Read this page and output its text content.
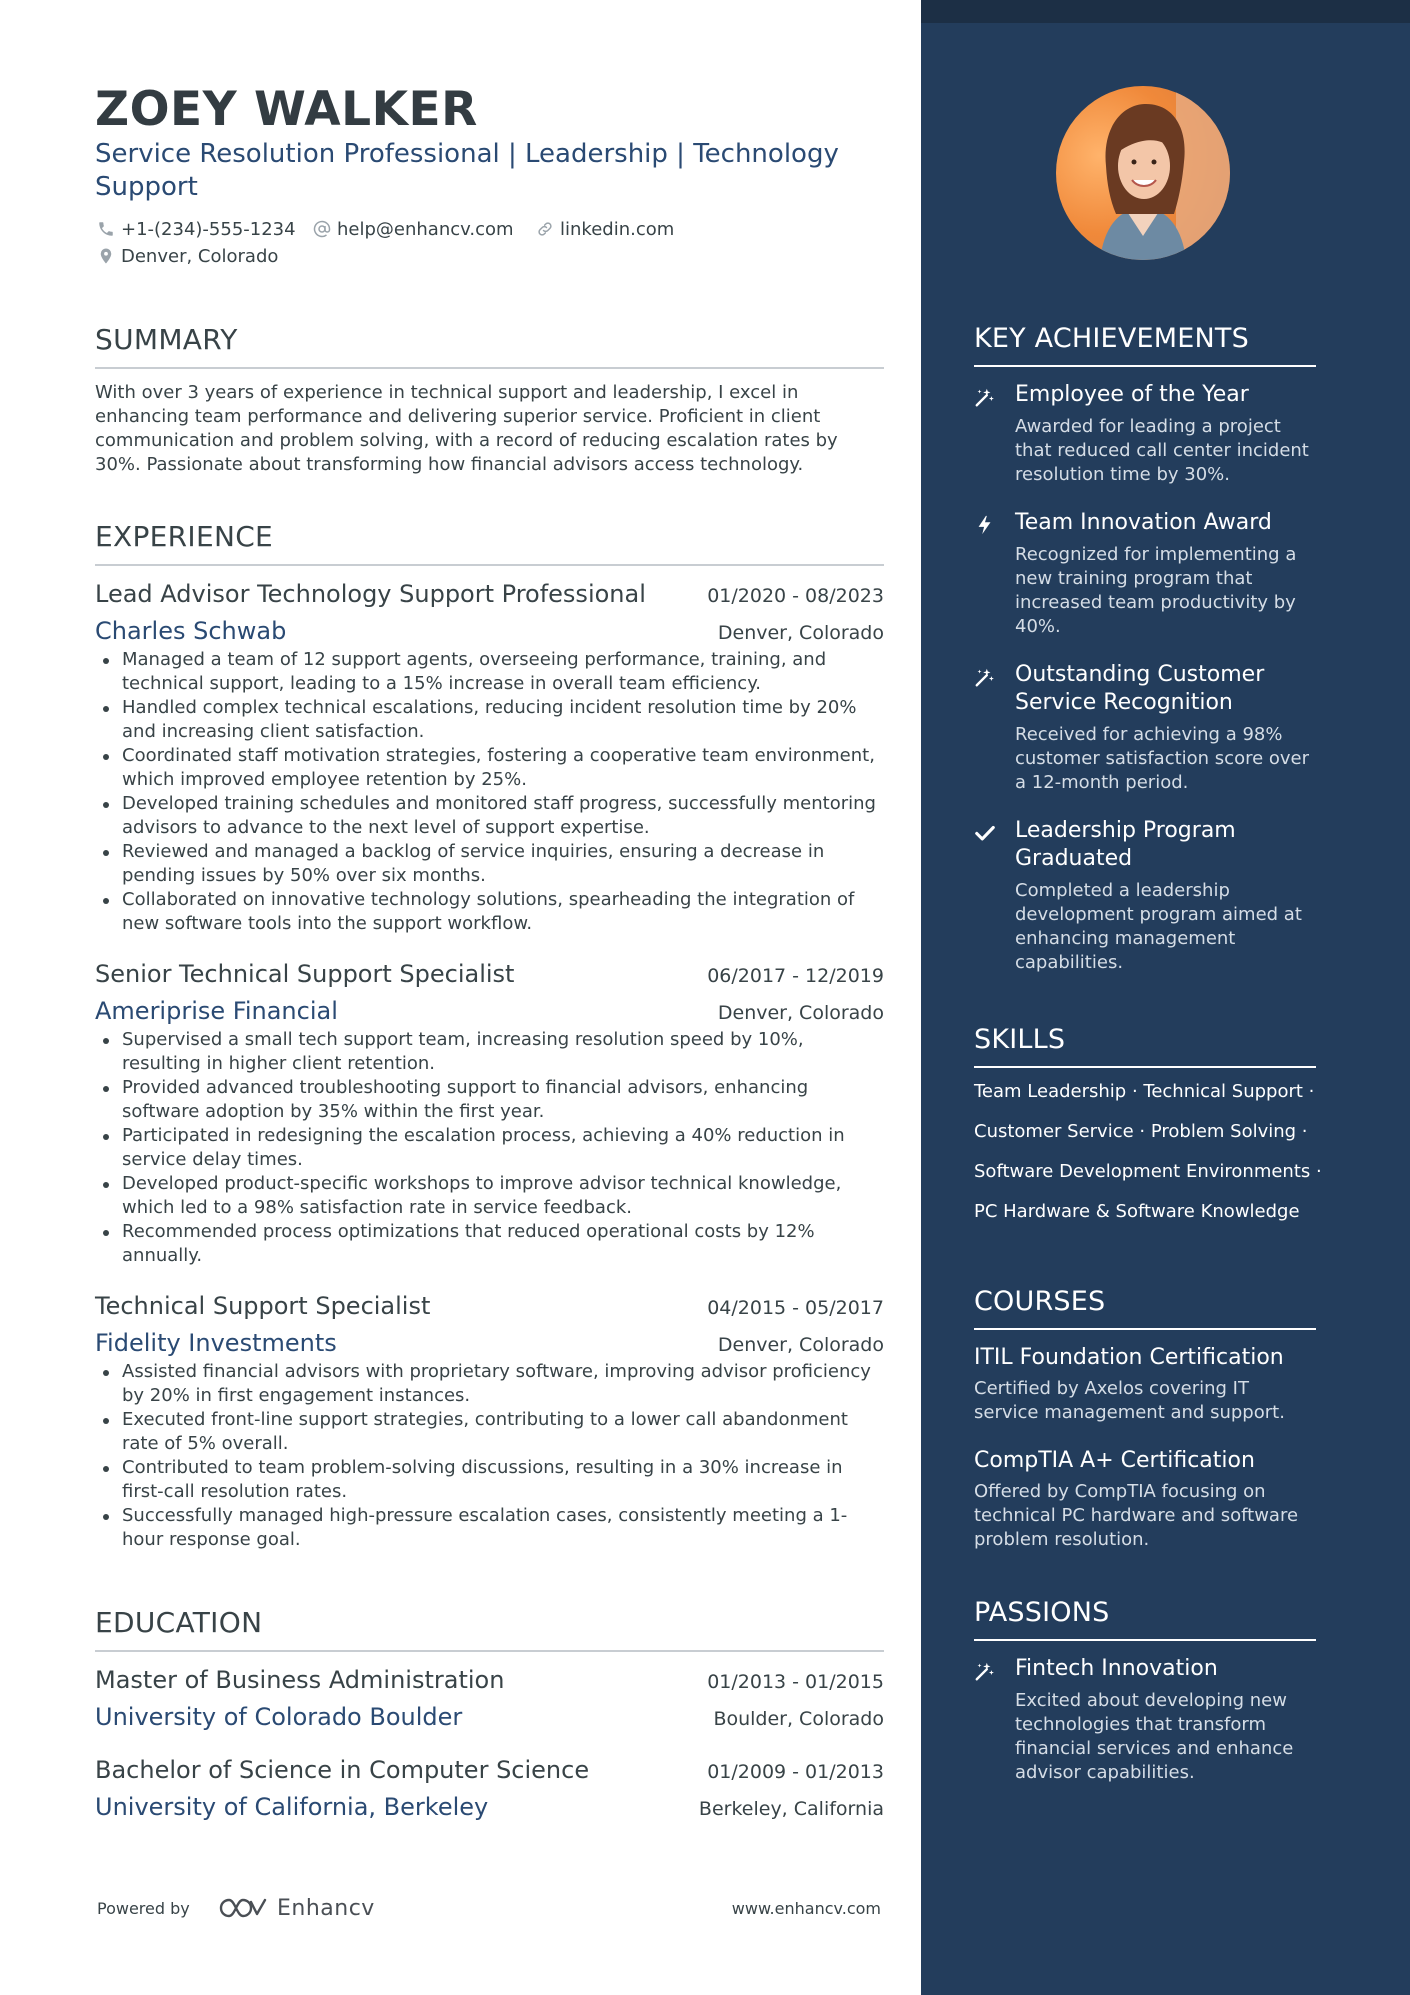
ZOEY WALKER
Service Resolution Professional | Leadership | Technology Support
+1-(234)-555-1234	help@enhancv.com	linkedin.com
Denver, Colorado
SUMMARY
With over 3 years of experience in technical support and leadership, I excel in enhancing team performance and delivering superior service. Proficient in client communication and problem solving, with a record of reducing escalation rates by 30%. Passionate about transforming how financial advisors access technology.
EXPERIENCE
Lead Advisor Technology Support Professional	01/2020 - 08/2023
Charles Schwab	Denver, Colorado
Managed a team of 12 support agents, overseeing performance, training, and technical support, leading to a 15% increase in overall team efficiency.
Handled complex technical escalations, reducing incident resolution time by 20% and increasing client satisfaction.
Coordinated staff motivation strategies, fostering a cooperative team environment, which improved employee retention by 25%.
Developed training schedules and monitored staff progress, successfully mentoring advisors to advance to the next level of support expertise.
Reviewed and managed a backlog of service inquiries, ensuring a decrease in pending issues by 50% over six months.
Collaborated on innovative technology solutions, spearheading the integration of new software tools into the support workflow.
Senior Technical Support Specialist	06/2017 - 12/2019
Ameriprise Financial	Denver, Colorado
Supervised a small tech support team, increasing resolution speed by 10%, resulting in higher client retention.
Provided advanced troubleshooting support to financial advisors, enhancing software adoption by 35% within the first year.
Participated in redesigning the escalation process, achieving a 40% reduction in service delay times.
Developed product-specific workshops to improve advisor technical knowledge, which led to a 98% satisfaction rate in service feedback.
Recommended process optimizations that reduced operational costs by 12% annually.
Technical Support Specialist	04/2015 - 05/2017
Fidelity Investments	Denver, Colorado
Assisted financial advisors with proprietary software, improving advisor proficiency by 20% in first engagement instances.
Executed front-line support strategies, contributing to a lower call abandonment rate of 5% overall.
Contributed to team problem-solving discussions, resulting in a 30% increase in first-call resolution rates.
Successfully managed high-pressure escalation cases, consistently meeting a 1-hour response goal.
EDUCATION
Master of Business Administration	01/2013 - 01/2015
University of Colorado Boulder	Boulder, Colorado
Bachelor of Science in Computer Science	01/2009 - 01/2013
University of California, Berkeley	Berkeley, California
Powered by	Enhancv	www.enhancv.com
KEY ACHIEVEMENTS
Employee of the Year
Awarded for leading a project that reduced call center incident resolution time by 30%.
Team Innovation Award
Recognized for implementing a new training program that increased team productivity by 40%.
Outstanding Customer Service Recognition
Received for achieving a 98% customer satisfaction score over a 12-month period.
Leadership Program Graduated
Completed a leadership development program aimed at enhancing management capabilities.
SKILLS
Team Leadership · Technical Support ·
Customer Service · Problem Solving ·
Software Development Environments ·
PC Hardware & Software Knowledge
COURSES
ITIL Foundation Certification
Certified by Axelos covering IT service management and support.
CompTIA A+ Certification
Offered by CompTIA focusing on technical PC hardware and software problem resolution.
PASSIONS
Fintech Innovation
Excited about developing new technologies that transform financial services and enhance advisor capabilities.
